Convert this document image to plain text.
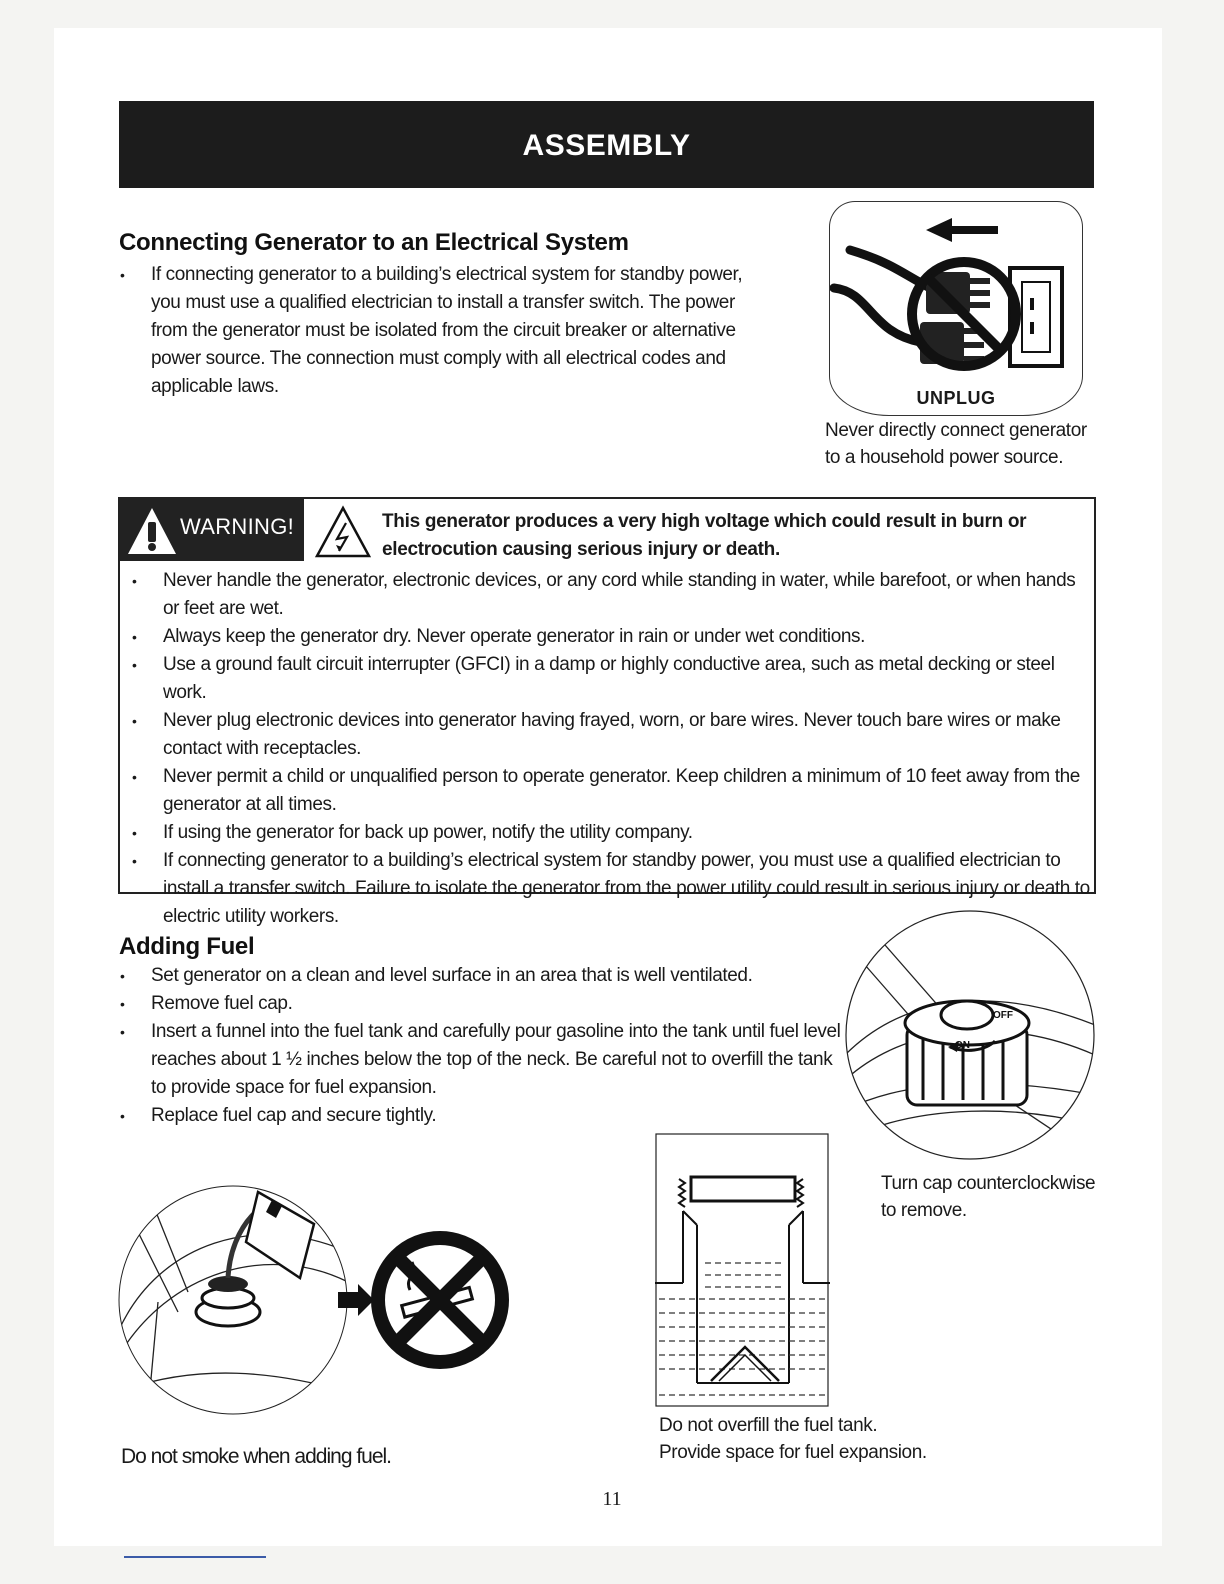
ASSEMBLY
Connecting Generator to an Electrical System
• If connecting generator to a building’s electrical system for standby power, you must use a qualified electrician to install a transfer switch. The power from the generator must be isolated from the circuit breaker or alternative power source. The connection must comply with all electrical codes and applicable laws.
UNPLUG
Never directly connect generator
to a household power source.
WARNING!	This generator produces a very high voltage which could result in burn or electrocution causing serious injury or death.
• Never handle the generator, electronic devices, or any cord while standing in water, while barefoot, or when hands or feet are wet.
• Always keep the generator dry. Never operate generator in rain or under wet conditions.
• Use a ground fault circuit interrupter (GFCI) in a damp or highly conductive area, such as metal decking or steel work.
• Never plug electronic devices into generator having frayed, worn, or bare wires. Never touch bare wires or make contact with receptacles.
• Never permit a child or unqualified person to operate generator. Keep children a minimum of 10 feet away from the generator at all times.
• If using the generator for back up power, notify the utility company.
• If connecting generator to a building’s electrical system for standby power, you must use a qualified electrician to install a transfer switch. Failure to isolate the generator from the power utility could result in serious injury or death to electric utility workers.
Adding Fuel
• Set generator on a clean and level surface in an area that is well ventilated.
• Remove fuel cap.
• Insert a funnel into the fuel tank and carefully pour gasoline into the tank until fuel level reaches about 1 ½ inches below the top of the neck. Be careful not to overfill the tank to provide space for fuel expansion.
• Replace fuel cap and secure tightly.
OFF
ON
Turn cap counterclockwise
to remove.
Do not smoke when adding fuel.
Do not overfill the fuel tank.
Provide space for fuel expansion.
11
